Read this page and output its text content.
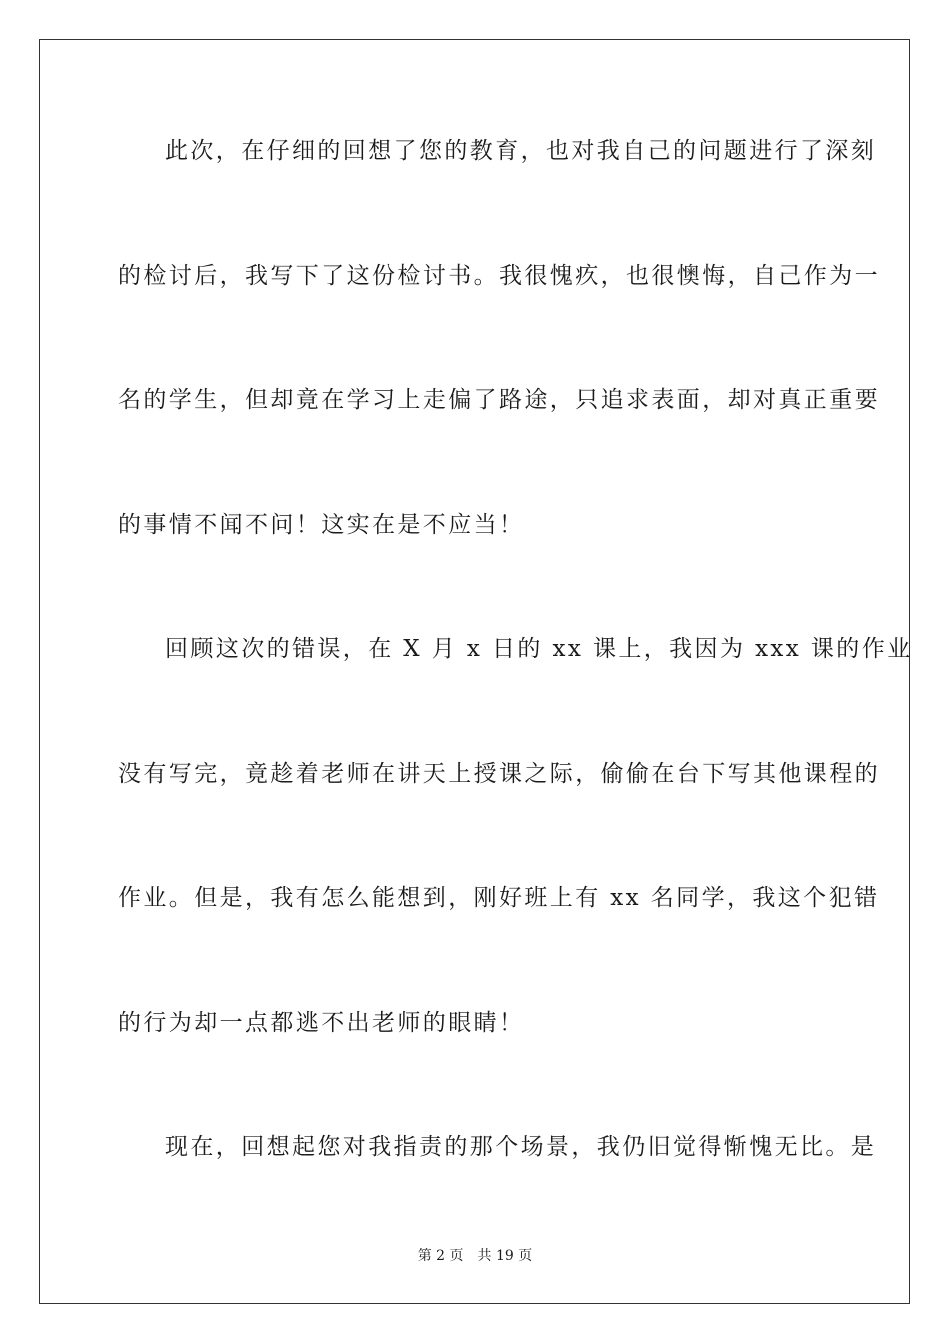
此次，在仔细的回想了您的教育，也对我自己的问题进行了深刻
的检讨后，我写下了这份检讨书。我很愧疚，也很懊悔，自己作为一
名的学生，但却竟在学习上走偏了路途，只追求表面，却对真正重要
的事情不闻不问！这实在是不应当！
回顾这次的错误，在 X 月 x 日的 xx 课上，我因为 xxx 课的作业
没有写完，竟趁着老师在讲天上授课之际，偷偷在台下写其他课程的
作业。但是，我有怎么能想到，刚好班上有 xx 名同学，我这个犯错
的行为却一点都逃不出老师的眼睛！
现在，回想起您对我指责的那个场景，我仍旧觉得惭愧无比。是
第 2 页 共 19 页
